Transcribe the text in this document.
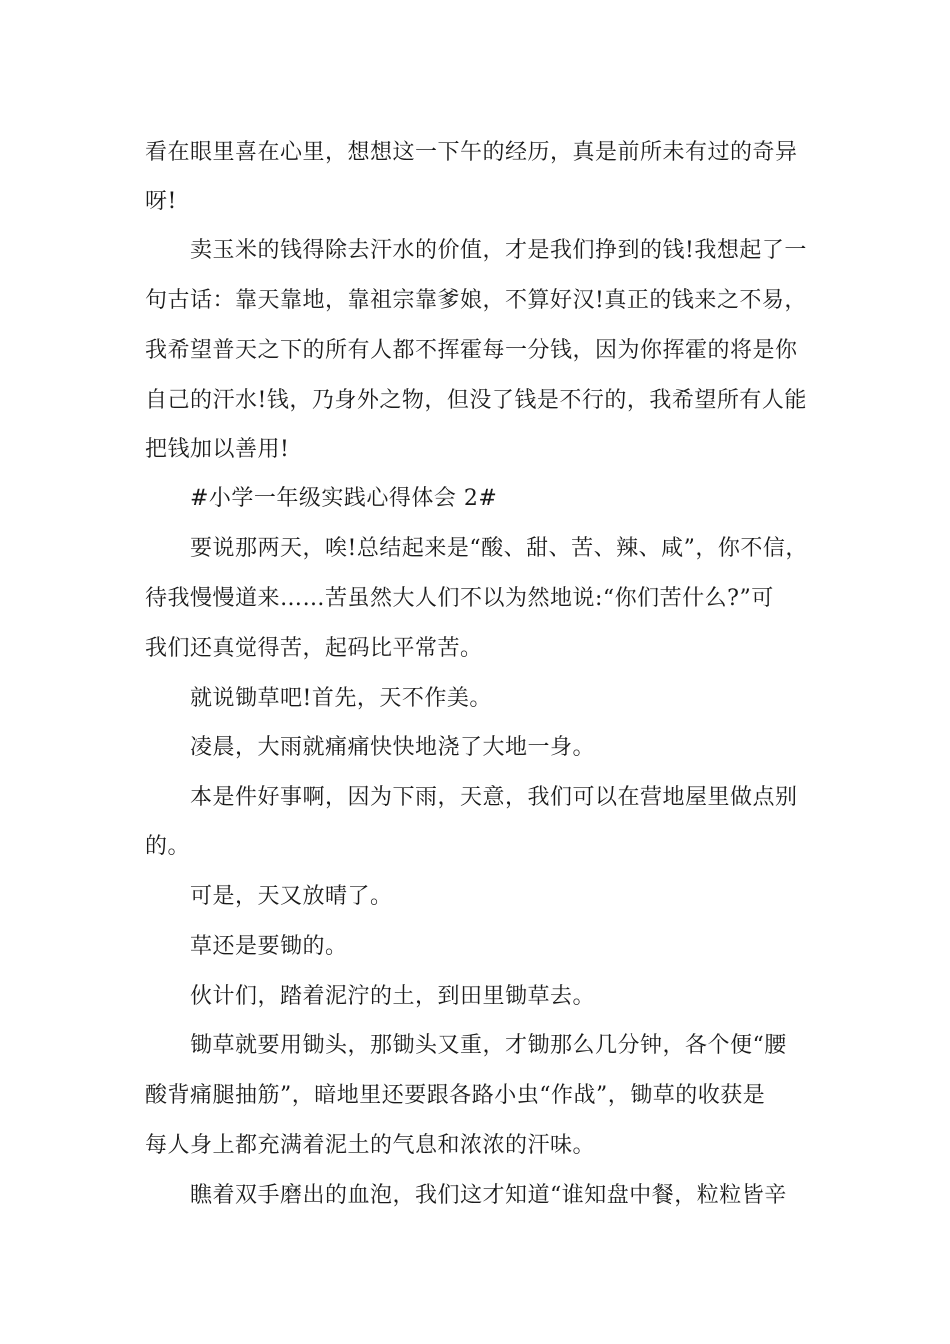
看在眼里喜在心里，想想这一下午的经历，真是前所未有过的奇异
呀!
卖玉米的钱得除去汗水的价值，才是我们挣到的钱!我想起了一
句古话：靠天靠地，靠祖宗靠爹娘，不算好汉!真正的钱来之不易，
我希望普天之下的所有人都不挥霍每一分钱，因为你挥霍的将是你
自己的汗水!钱，乃身外之物，但没了钱是不行的，我希望所有人能
把钱加以善用!
#小学一年级实践心得体会 2#
要说那两天，唉!总结起来是“酸、甜、苦、辣、咸”，你不信，
待我慢慢道来……苦虽然大人们不以为然地说:“你们苦什么?”可
我们还真觉得苦，起码比平常苦。
就说锄草吧!首先，天不作美。
凌晨，大雨就痛痛快快地浇了大地一身。
本是件好事啊，因为下雨，天意，我们可以在营地屋里做点别
的。
可是，天又放晴了。
草还是要锄的。
伙计们，踏着泥泞的土，到田里锄草去。
锄草就要用锄头，那锄头又重，才锄那么几分钟，各个便“腰
酸背痛腿抽筋”，暗地里还要跟各路小虫“作战”，锄草的收获是
每人身上都充满着泥土的气息和浓浓的汗味。
瞧着双手磨出的血泡，我们这才知道“谁知盘中餐，粒粒皆辛
